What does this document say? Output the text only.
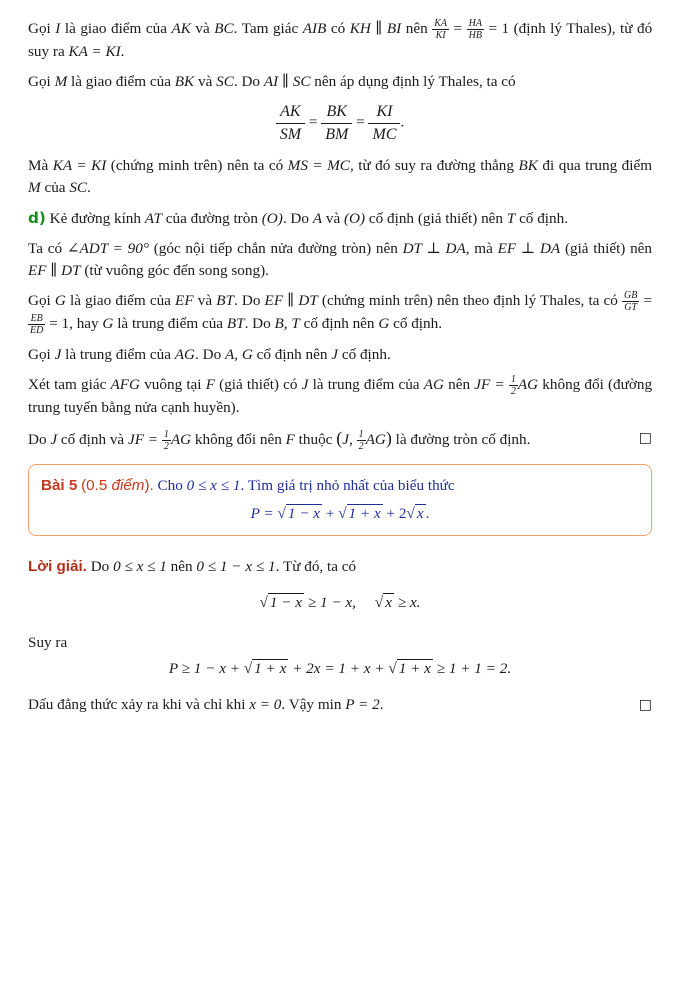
Gọi I là giao điểm của AK và BC. Tam giác AIB có KH ∥ BI nên $\frac{KA}{KI} = \frac{HA}{HB} = 1$ (định lý Thales), từ đó suy ra KA = KI.

Gọi M là giao điểm của BK và SC. Do AI ∥ SC nên áp dụng định lý Thales, ta có

$\frac{AK}{SM} = \frac{BK}{BM} = \frac{KI}{MC}$ .

Mà KA = KI (chứng minh trên) nên ta có MS = MC, từ đó suy ra đường thẳng BK đi qua trung điểm M của SC.

d) Kẻ đường kính AT của đường tròn (O). Do A và (O) cố định (giả thiết) nên T cố định.

Ta có ∠ADT = 90° (góc nội tiếp chắn nửa đường tròn) nên DT ⊥ DA, mà EF ⊥ DA (giả thiết) nên EF ∥ DT (từ vuông góc đến song song).

Gọi G là giao điểm của EF và BT. Do EF ∥ DT (chứng minh trên) nên theo định lý Thales, ta có $\frac{GB}{GT}$ =
$\frac{EB}{ED} = 1$, hay G là trung điểm của BT. Do B, T cố định nên G cố định.

Gọi J là trung điểm của AG. Do A, G cố định nên J cố định.

Xét tam giác AFG vuông tại F (giả thiết) có J là trung điểm của AG nên JF = $\frac{1}{2}$ AG không đổi (đường trung tuyến bằng nửa cạnh huyền).

Do J cố định và JF = $\frac{1}{2}$ AG không đổi nên F thuộc (J, $\frac{1}{2} AG$) là đường tròn cố định.	□

Bài 5 (0.5 điểm). Cho 0 ≤ x ≤ 1. Tìm giá trị nhỏ nhất của biểu thức
P = √ 1 − x + √ 1 + x + 2√ x .

Lời giải. Do 0 ≤ x ≤ 1 nên 0 ≤ 1 − x ≤ 1. Từ đó, ta có

√ 1 − x ≥ 1 − x, √ x ≥ x.

Suy ra

P ≥ 1 − x + √ 1 + x + 2x = 1 + x + √ 1 + x ≥ 1 + 1 = 2.

Dấu đẳng thức xảy ra khi và chỉ khi x = 0. Vậy min P = 2.	□
